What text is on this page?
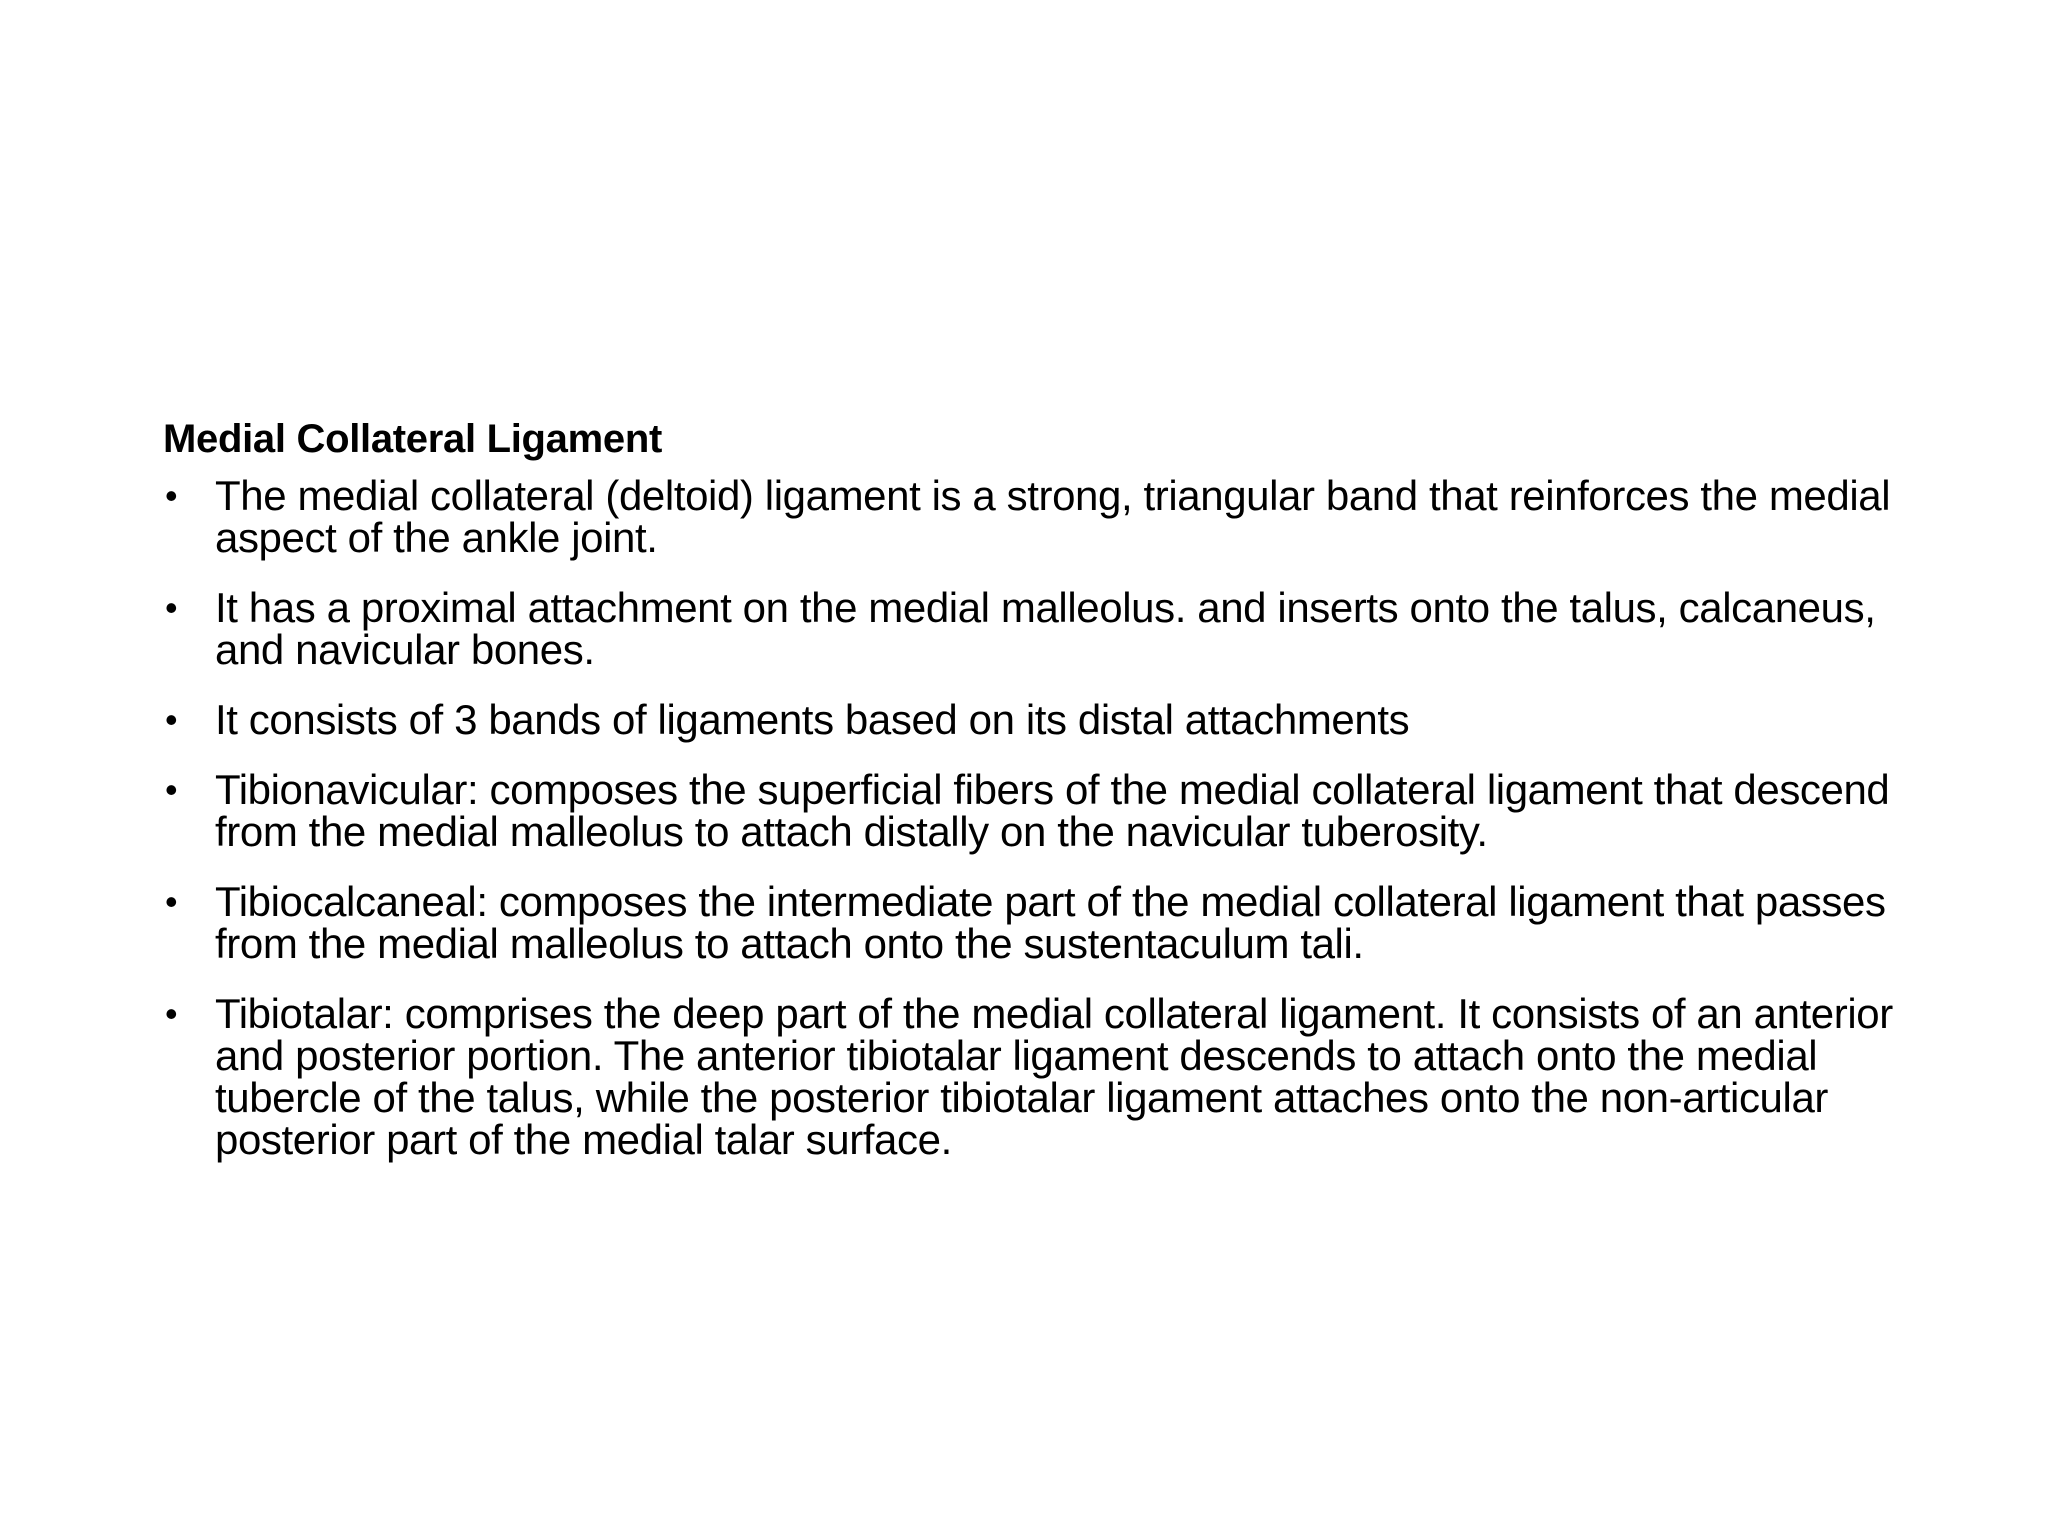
Medial Collateral Ligament
• The medial collateral (deltoid) ligament is a strong, triangular band that reinforces the medial aspect of the ankle joint.
• It has a proximal attachment on the medial malleolus. and inserts onto the talus, calcaneus, and navicular bones.
• It consists of 3 bands of ligaments based on its distal attachments
• Tibionavicular: composes the superficial fibers of the medial collateral ligament that descend from the medial malleolus to attach distally on the navicular tuberosity.
• Tibiocalcaneal: composes the intermediate part of the medial collateral ligament that passes from the medial malleolus to attach onto the sustentaculum tali.
• Tibiotalar: comprises the deep part of the medial collateral ligament. It consists of an anterior and posterior portion. The anterior tibiotalar ligament descends to attach onto the medial tubercle of the talus, while the posterior tibiotalar ligament attaches onto the non-articular posterior part of the medial talar surface.
